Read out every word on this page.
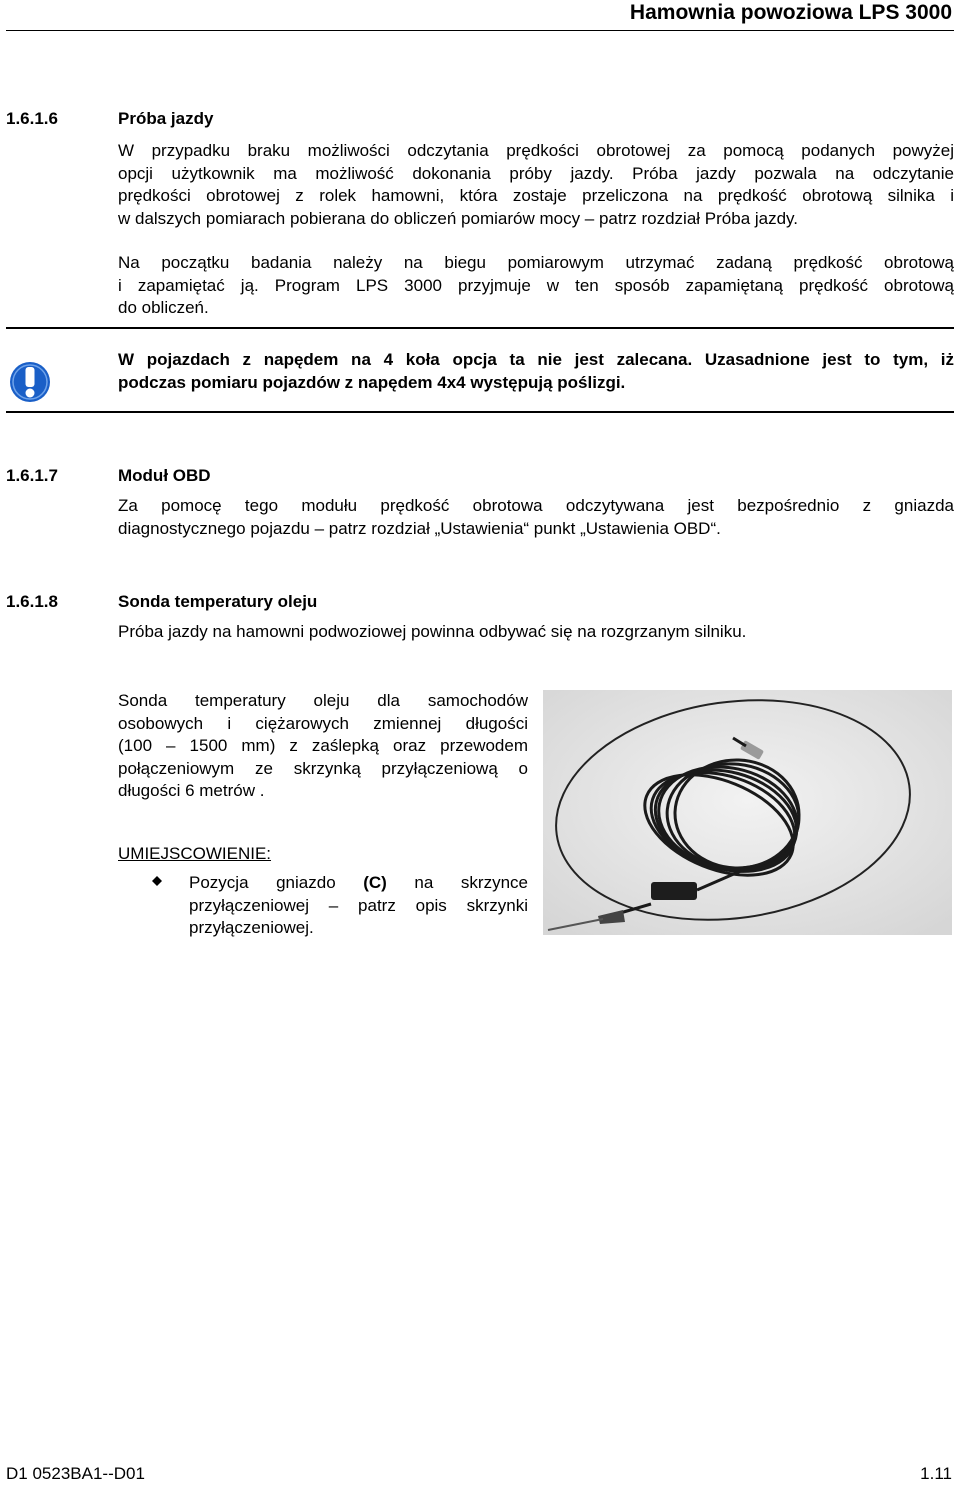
Hamownia powoziowa LPS 3000
1.6.1.6	Próba jazdy
W przypadku braku możliwości odczytania prędkości obrotowej za pomocą podanych powyżej
opcji użytkownik ma możliwość dokonania próby jazdy. Próba jazdy pozwala na odczytanie
prędkości obrotowej z rolek hamowni, która zostaje przeliczona na prędkość obrotową silnika i
w dalszych pomiarach pobierana do obliczeń pomiarów mocy – patrz rozdział Próba jazdy.
Na początku badania należy na biegu pomiarowym utrzymać zadaną prędkość obrotową
i zapamiętać ją. Program LPS 3000 przyjmuje w ten sposób zapamiętaną prędkość obrotową
do obliczeń.
W pojazdach z napędem na 4 koła opcja ta nie jest zalecana. Uzasadnione jest to tym, iż
podczas pomiaru pojazdów z napędem 4x4 występują poślizgi.
1.6.1.7	Moduł OBD
Za pomocę tego modułu prędkość obrotowa odczytywana jest bezpośrednio z gniazda
diagnostycznego pojazdu – patrz rozdział „Ustawienia“ punkt „Ustawienia OBD“.
1.6.1.8	Sonda temperatury oleju
Próba jazdy na hamowni podwoziowej powinna odbywać się na rozgrzanym silniku.
Sonda temperatury oleju dla samochodów
osobowych i ciężarowych zmiennej długości
(100 – 1500 mm) z zaślepką oraz przewodem
połączeniowym ze skrzynką przyłączeniową o
długości 6 metrów .
UMIEJSCOWIENIE:
Pozycja gniazdo (C) na skrzynce
przyłączeniowej – patrz opis skrzynki
przyłączeniowej.
D1 0523BA1--D01	1.11
